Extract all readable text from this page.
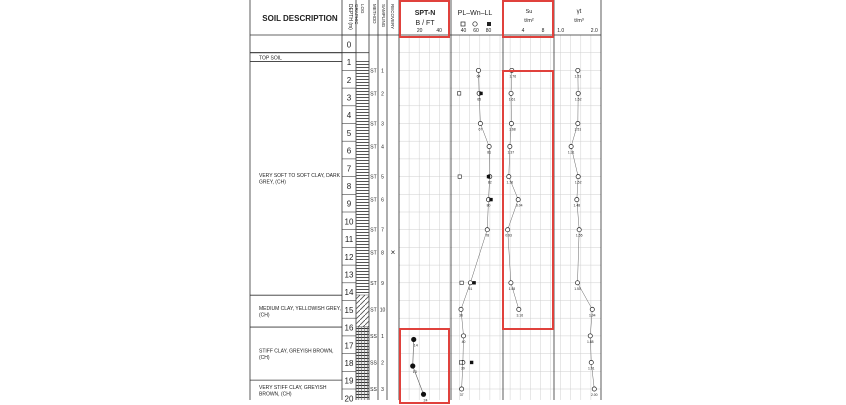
SOIL DESCRIPTION DEPTH (m) GRAPHIC LOG METHOD SAMPLING RECOVERY	SPT-N
B / FT
PL–Wn–LL	Su
t/m²
γt
t/m³
0
1
2
3
4
5
6
7
8
9
10
11
12
13
14
15
16
17
18
19
20
20	40	40 60 80	4	8	1.0	2.0
TOP SOIL
VERY SOFT TO SOFT CLAY, DARK GREY, (CH)
MEDIUM CLAY, YELLOWISH GREY, (CH)
STIFF CLAY, GREYISH BROWN, (CH)
VERY STIFF CLAY, GREYISH BROWN, (CH)
ST 1
ST 2
ST 3
ST 4
ST 5
ST 6
ST 7
ST 8
ST 9
ST 10
SS 1
SS 2
SS 3
×
14
13
24
64
65
67
81
82
80
78
51
36
40
39
37
1.76
1.61
1.68
1.37
1.16
3.04
0.93
1.58
3.16
1.51
1.52
1.51
1.31
1.52
1.48
1.55
1.50
1.94
1.88
1.91
2.00
